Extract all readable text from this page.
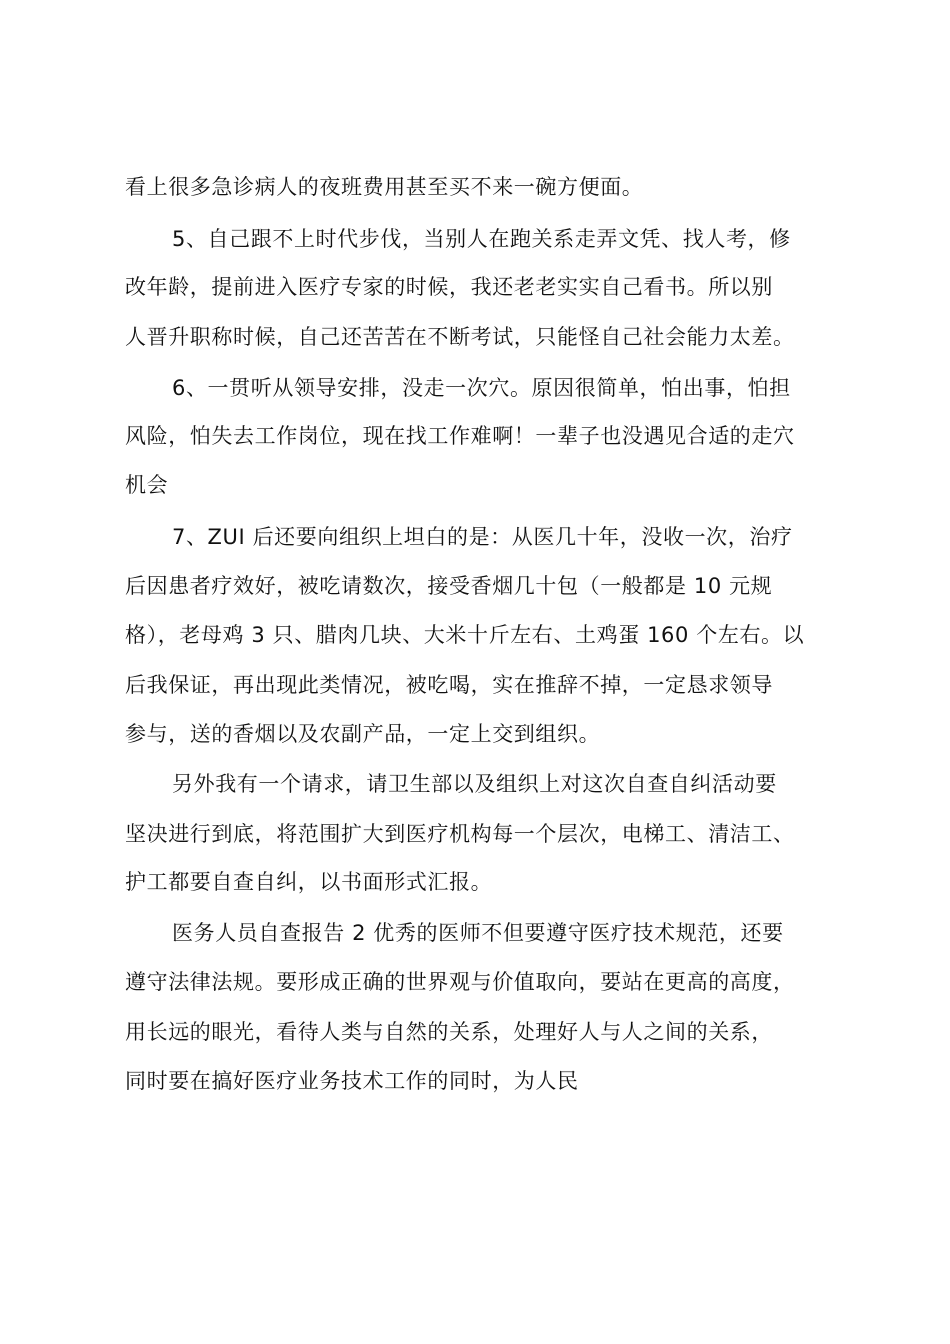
看上很多急诊病人的夜班费用甚至买不来一碗方便面。
5、自己跟不上时代步伐，当别人在跑关系走弄文凭、找人考，修
改年龄，提前进入医疗专家的时候，我还老老实实自己看书。所以别
人晋升职称时候，自己还苦苦在不断考试，只能怪自己社会能力太差。
6、一贯听从领导安排，没走一次穴。原因很简单，怕出事，怕担
风险，怕失去工作岗位，现在找工作难啊！一辈子也没遇见合适的走穴
机会
7、ZUI 后还要向组织上坦白的是：从医几十年，没收一次，治疗
后因患者疗效好，被吃请数次，接受香烟几十包（一般都是 10 元规
格），老母鸡 3 只、腊肉几块、大米十斤左右、土鸡蛋 160 个左右。以
后我保证，再出现此类情况，被吃喝，实在推辞不掉，一定恳求领导
参与，送的香烟以及农副产品，一定上交到组织。
另外我有一个请求，请卫生部以及组织上对这次自查自纠活动要
坚决进行到底，将范围扩大到医疗机构每一个层次，电梯工、清洁工、
护工都要自查自纠，以书面形式汇报。
医务人员自查报告 2 优秀的医师不但要遵守医疗技术规范，还要
遵守法律法规。要形成正确的世界观与价值取向，要站在更高的高度，
用长远的眼光，看待人类与自然的关系，处理好人与人之间的关系，
同时要在搞好医疗业务技术工作的同时，为人民
